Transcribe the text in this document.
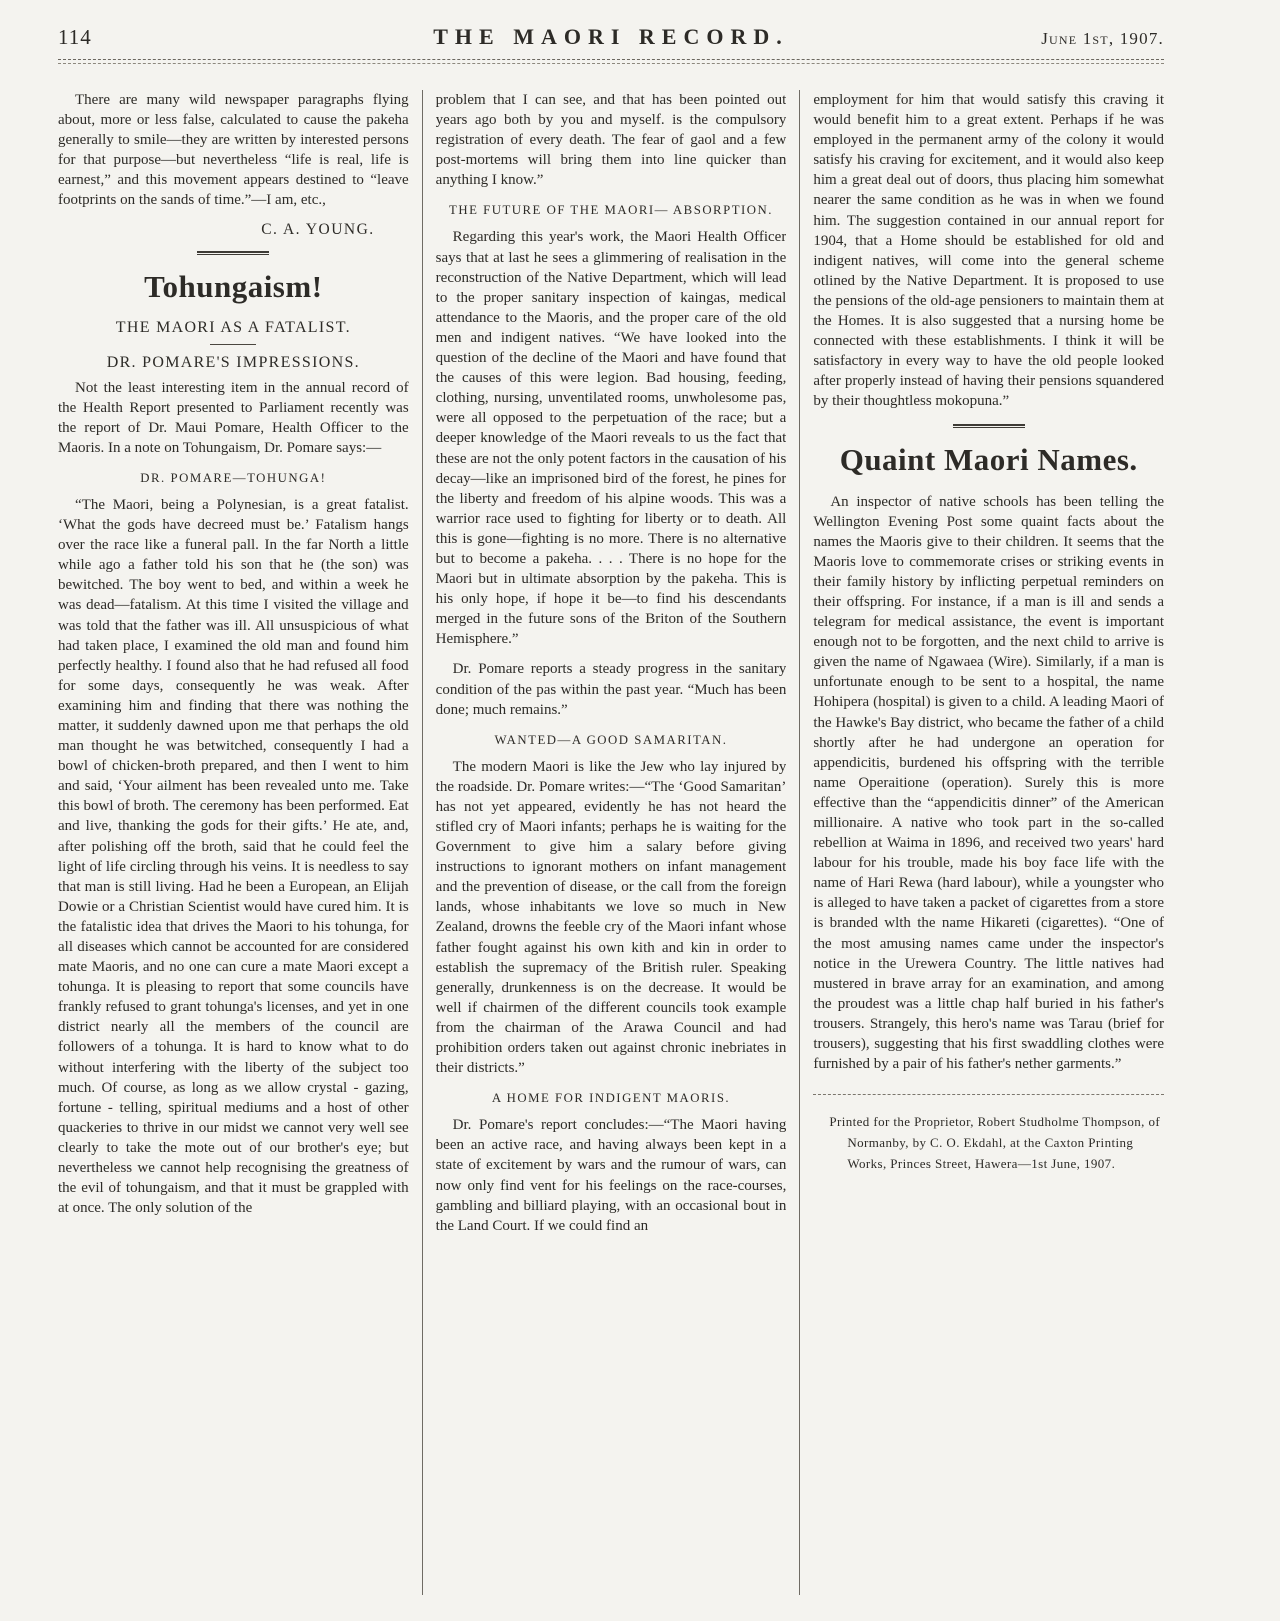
114	THE MAORI RECORD.	June 1st, 1907.

There are many wild newspaper paragraphs flying about, more or less false, calculated to cause the pakeha generally to smile—they are written by interested persons for that purpose—but nevertheless “life is real, life is earnest,” and this movement appears destined to “leave footprints on the sands of time.”—I am, etc.,

C. A. YOUNG.

Tohungaism!
THE MAORI AS A FATALIST.
DR. POMARE'S IMPRESSIONS.

Not the least interesting item in the annual record of the Health Report presented to Parliament recently was the report of Dr. Maui Pomare, Health Officer to the Maoris. In a note on Tohungaism, Dr. Pomare says:—

DR. POMARE—TOHUNGA!

“The Maori, being a Polynesian, is a great fatalist. ‘What the gods have decreed must be.’ Fatalism hangs over the race like a funeral pall. In the far North a little while ago a father told his son that he (the son) was bewitched. The boy went to bed, and within a week he was dead—fatalism. At this time I visited the village and was told that the father was ill. All unsuspicious of what had taken place, I examined the old man and found him perfectly healthy. I found also that he had refused all food for some days, consequently he was weak. After examining him and finding that there was nothing the matter, it suddenly dawned upon me that perhaps the old man thought he was betwitched, consequently I had a bowl of chicken-broth prepared, and then I went to him and said, ‘Your ailment has been revealed unto me. Take this bowl of broth. The ceremony has been performed. Eat and live, thanking the gods for their gifts.’ He ate, and, after polishing off the broth, said that he could feel the light of life circling through his veins. It is needless to say that man is still living. Had he been a European, an Elijah Dowie or a Christian Scientist would have cured him. It is the fatalistic idea that drives the Maori to his tohunga, for all diseases which cannot be accounted for are considered mate Maoris, and no one can cure a mate Maori except a tohunga. It is pleasing to report that some councils have frankly refused to grant tohunga's licenses, and yet in one district nearly all the members of the council are followers of a tohunga. It is hard to know what to do without interfering with the liberty of the subject too much. Of course, as long as we allow crystal - gazing, fortune - telling, spiritual mediums and a host of other quackeries to thrive in our midst we cannot very well see clearly to take the mote out of our brother's eye; but nevertheless we cannot help recognising the greatness of the evil of tohungaism, and that it must be grappled with at once. The only solution of the

problem that I can see, and that has been pointed out years ago both by you and myself. is the compulsory registration of every death. The fear of gaol and a few post-mortems will bring them into line quicker than anything I know.”

THE FUTURE OF THE MAORI— ABSORPTION.

Regarding this year's work, the Maori Health Officer says that at last he sees a glimmering of realisation in the reconstruction of the Native Department, which will lead to the proper sanitary inspection of kaingas, medical attendance to the Maoris, and the proper care of the old men and indigent natives. “We have looked into the question of the decline of the Maori and have found that the causes of this were legion. Bad housing, feeding, clothing, nursing, unventilated rooms, unwholesome pas, were all opposed to the perpetuation of the race; but a deeper knowledge of the Maori reveals to us the fact that these are not the only potent factors in the causation of his decay—like an imprisoned bird of the forest, he pines for the liberty and freedom of his alpine woods. This was a warrior race used to fighting for liberty or to death. All this is gone—fighting is no more. There is no alternative but to become a pakeha. . . . There is no hope for the Maori but in ultimate absorption by the pakeha. This is his only hope, if hope it be—to find his descendants merged in the future sons of the Briton of the Southern Hemisphere.”

Dr. Pomare reports a steady progress in the sanitary condition of the pas within the past year. “Much has been done; much remains.”

WANTED—A GOOD SAMARITAN.

The modern Maori is like the Jew who lay injured by the roadside. Dr. Pomare writes:—“The ‘Good Samaritan’ has not yet appeared, evidently he has not heard the stifled cry of Maori infants; perhaps he is waiting for the Government to give him a salary before giving instructions to ignorant mothers on infant management and the prevention of disease, or the call from the foreign lands, whose inhabitants we love so much in New Zealand, drowns the feeble cry of the Maori infant whose father fought against his own kith and kin in order to establish the supremacy of the British ruler. Speaking generally, drunkenness is on the decrease. It would be well if chairmen of the different councils took example from the chairman of the Arawa Council and had prohibition orders taken out against chronic inebriates in their districts.”

A HOME FOR INDIGENT MAORIS.

Dr. Pomare's report concludes:—“The Maori having been an active race, and having always been kept in a state of excitement by wars and the rumour of wars, can now only find vent for his feelings on the race-courses, gambling and billiard playing, with an occasional bout in the Land Court. If we could find an

employment for him that would satisfy this craving it would benefit him to a great extent. Perhaps if he was employed in the permanent army of the colony it would satisfy his craving for excitement, and it would also keep him a great deal out of doors, thus placing him somewhat nearer the same condition as he was in when we found him. The suggestion contained in our annual report for 1904, that a Home should be established for old and indigent natives, will come into the general scheme otlined by the Native Department. It is proposed to use the pensions of the old-age pensioners to maintain them at the Homes. It is also suggested that a nursing home be connected with these establishments. I think it will be satisfactory in every way to have the old people looked after properly instead of having their pensions squandered by their thoughtless mokopuna.”

Quaint Maori Names.

An inspector of native schools has been telling the Wellington Evening Post some quaint facts about the names the Maoris give to their children. It seems that the Maoris love to commemorate crises or striking events in their family history by inflicting perpetual reminders on their offspring. For instance, if a man is ill and sends a telegram for medical assistance, the event is important enough not to be forgotten, and the next child to arrive is given the name of Ngawaea (Wire). Similarly, if a man is unfortunate enough to be sent to a hospital, the name Hohipera (hospital) is given to a child. A leading Maori of the Hawke's Bay district, who became the father of a child shortly after he had undergone an operation for appendicitis, burdened his offspring with the terrible name Operaitione (operation). Surely this is more effective than the “appendicitis dinner” of the American millionaire. A native who took part in the so-called rebellion at Waima in 1896, and received two years' hard labour for his trouble, made his boy face life with the name of Hari Rewa (hard labour), while a youngster who is alleged to have taken a packet of cigarettes from a store is branded wlth the name Hikareti (cigarettes). “One of the most amusing names came under the inspector's notice in the Urewera Country. The little natives had mustered in brave array for an examination, and among the proudest was a little chap half buried in his father's trousers. Strangely, this hero's name was Tarau (brief for trousers), suggesting that his first swaddling clothes were furnished by a pair of his father's nether garments.”

Printed for the Proprietor, Robert Studholme Thompson, of Normanby, by C. O. Ekdahl, at the Caxton Printing Works, Princes Street, Hawera—1st June, 1907.
